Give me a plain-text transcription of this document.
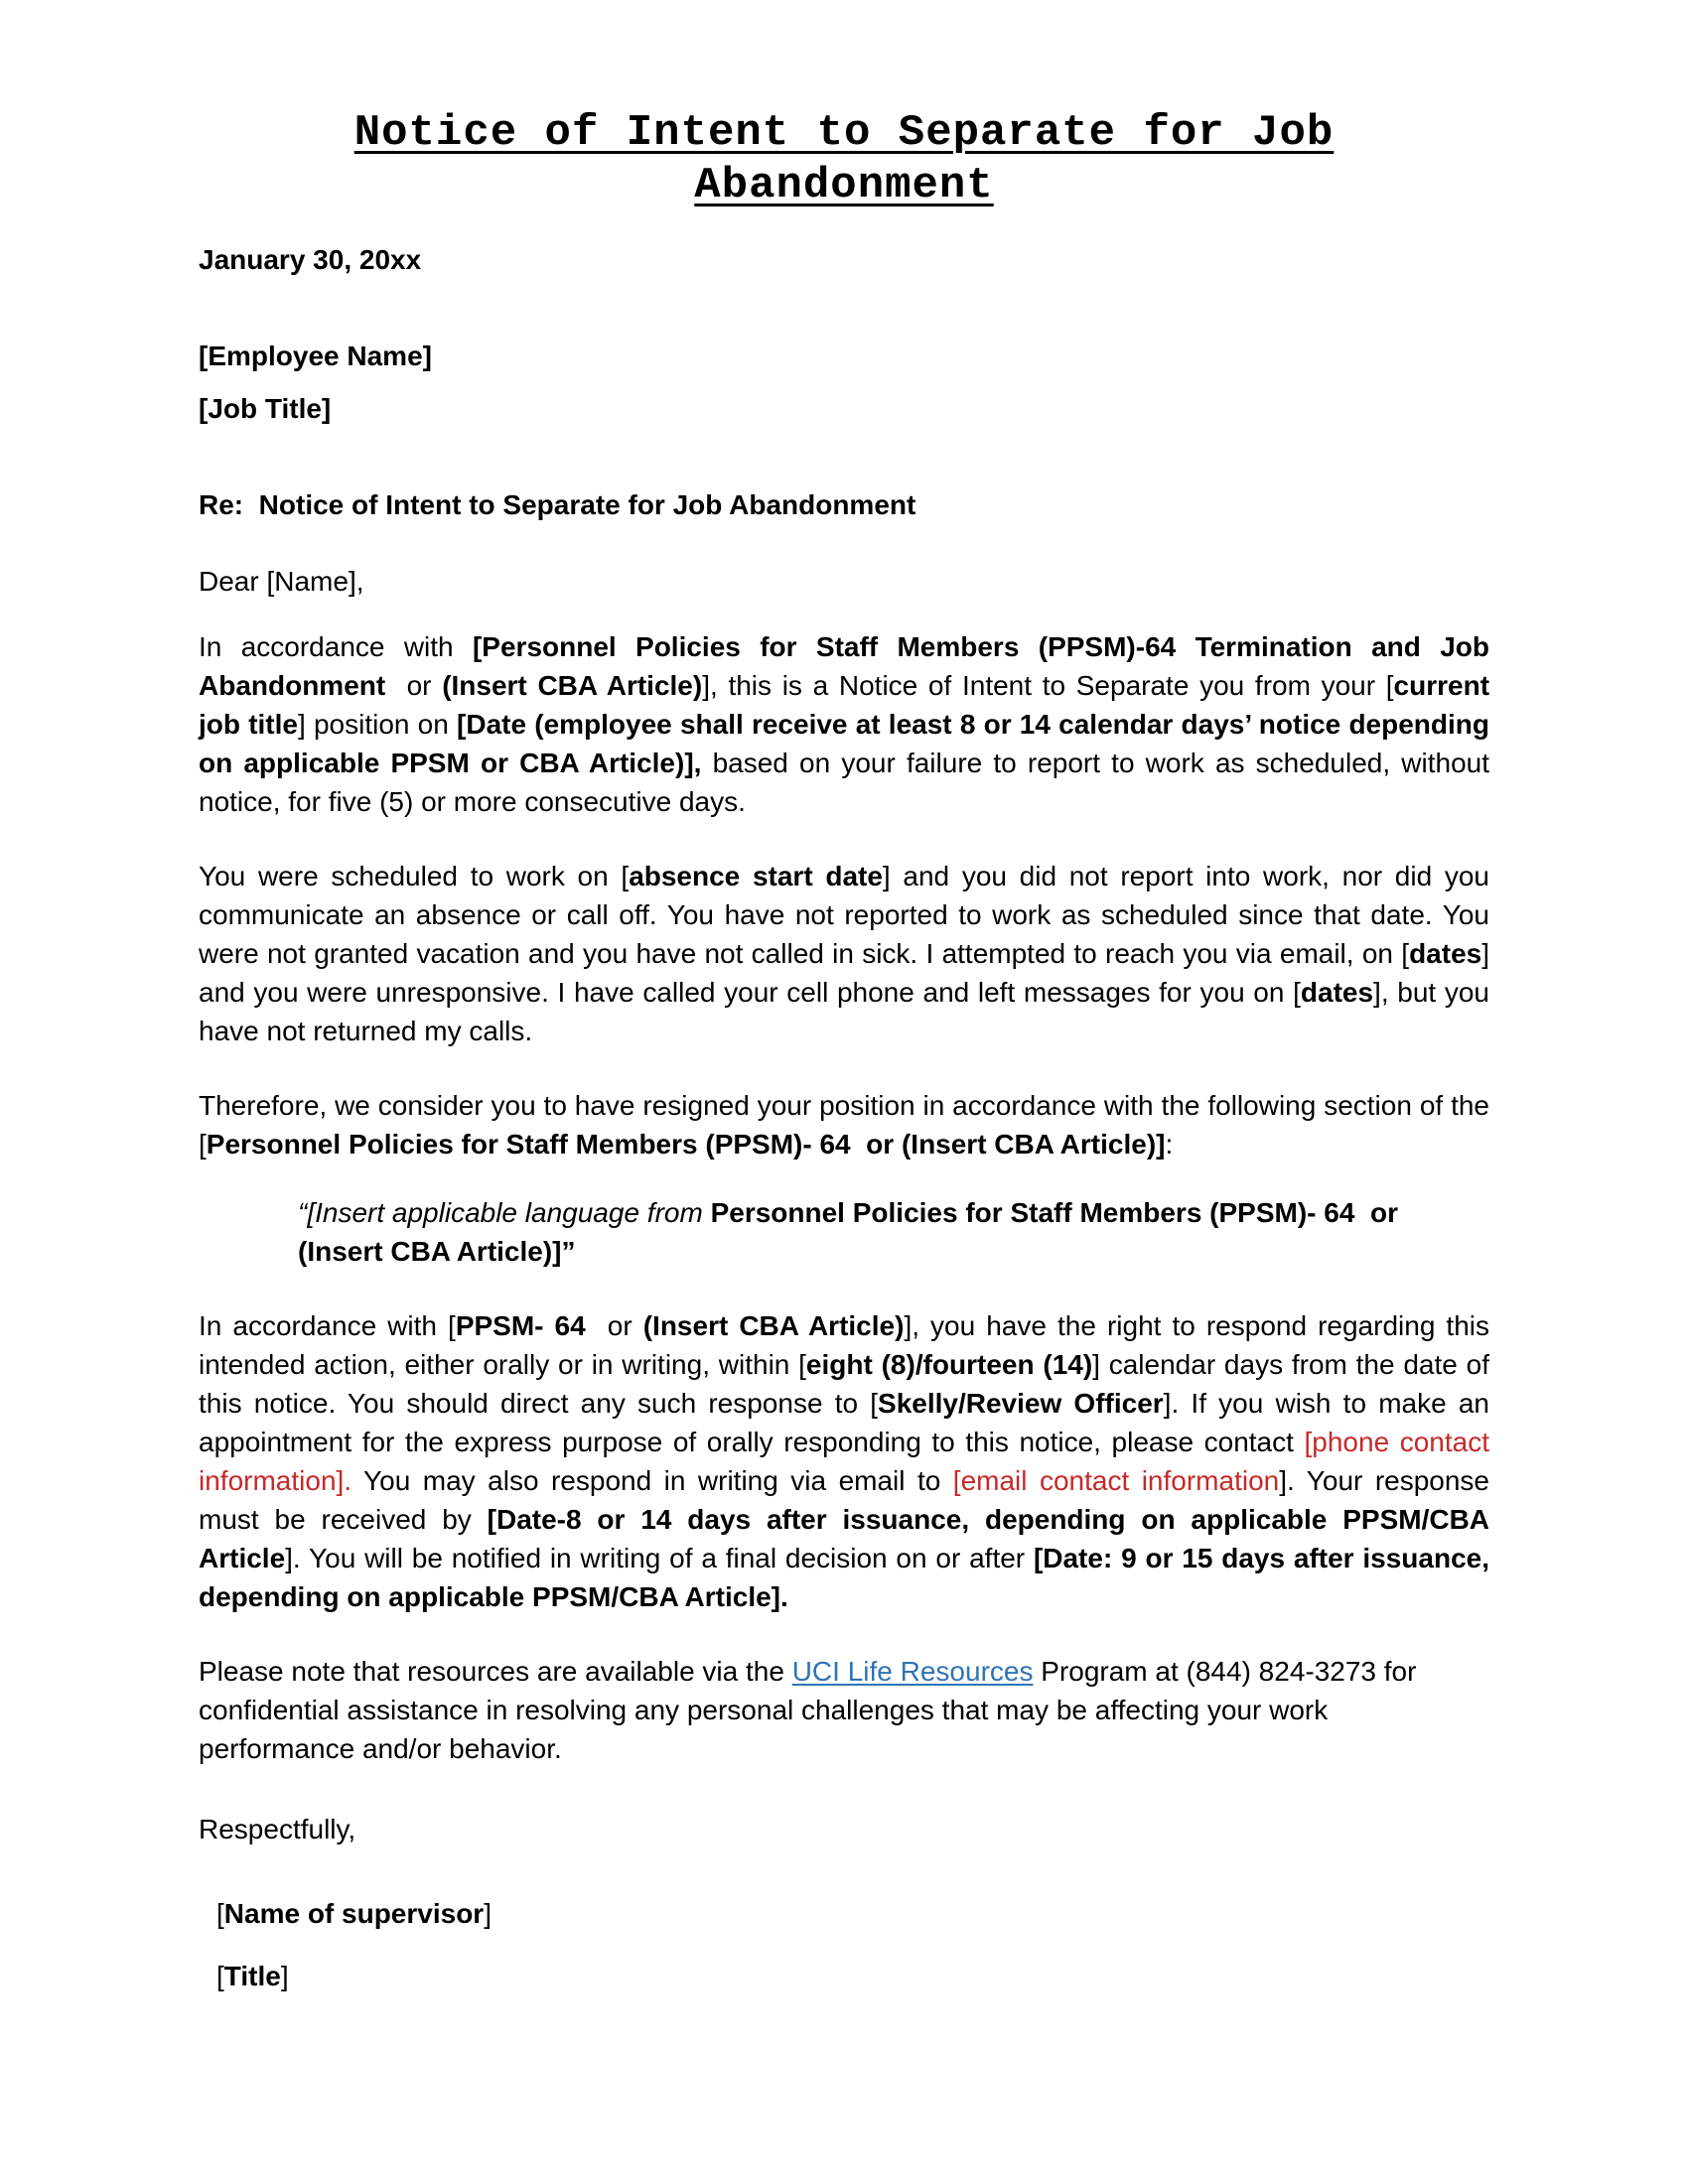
Notice of Intent to Separate for Job
Abandonment
January 30, 20xx
[Employee Name]
[Job Title]
Re:  Notice of Intent to Separate for Job Abandonment
Dear [Name],
In accordance with [Personnel Policies for Staff Members (PPSM)-64 Termination and Job Abandonment  or (Insert CBA Article)], this is a Notice of Intent to Separate you from your [current job title] position on [Date (employee shall receive at least 8 or 14 calendar days’ notice depending on applicable PPSM or CBA Article)], based on your failure to report to work as scheduled, without notice, for five (5) or more consecutive days.
You were scheduled to work on [absence start date] and you did not report into work, nor did you communicate an absence or call off. You have not reported to work as scheduled since that date. You were not granted vacation and you have not called in sick. I attempted to reach you via email, on [dates] and you were unresponsive. I have called your cell phone and left messages for you on [dates], but you have not returned my calls.
Therefore, we consider you to have resigned your position in accordance with the following section of the [Personnel Policies for Staff Members (PPSM)- 64  or (Insert CBA Article)]:
“[Insert applicable language from Personnel Policies for Staff Members (PPSM)- 64  or (Insert CBA Article)]”
In accordance with [PPSM- 64  or (Insert CBA Article)], you have the right to respond regarding this intended action, either orally or in writing, within [eight (8)/fourteen (14)] calendar days from the date of this notice. You should direct any such response to [Skelly/Review Officer]. If you wish to make an appointment for the express purpose of orally responding to this notice, please contact [phone contact information]. You may also respond in writing via email to [email contact information]. Your response must be received by [Date-8 or 14 days after issuance, depending on applicable PPSM/CBA Article]. You will be notified in writing of a final decision on or after [Date: 9 or 15 days after issuance, depending on applicable PPSM/CBA Article].
Please note that resources are available via the UCI Life Resources Program at (844) 824-3273 for confidential assistance in resolving any personal challenges that may be affecting your work performance and/or behavior.
Respectfully,
[Name of supervisor]
[Title]
